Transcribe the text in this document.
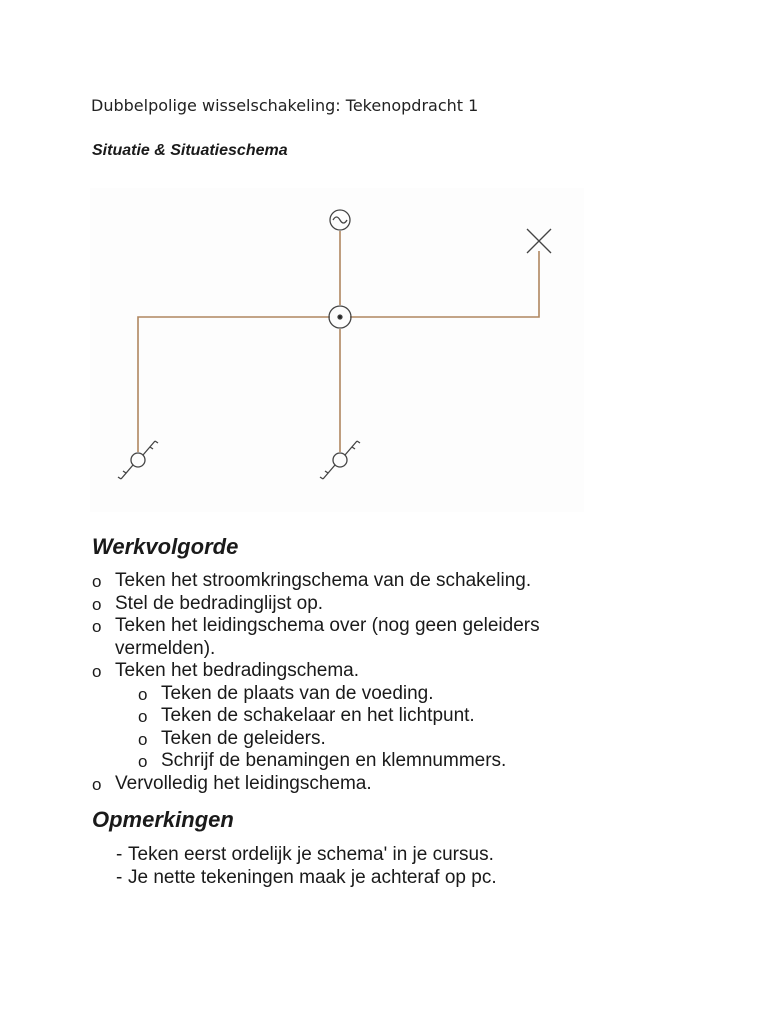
Dubbelpolige wisselschakeling: Tekenopdracht 1
Situatie & Situatieschema
Werkvolgorde
o Teken het stroomkringschema van de schakeling.
o Stel de bedradinglijst op.
o Teken het leidingschema over (nog geen geleiders vermelden).
o Teken het bedradingschema.
o Teken de plaats van de voeding.
o Teken de schakelaar en het lichtpunt.
o Teken de geleiders.
o Schrijf de benamingen en klemnummers.
o Vervolledig het leidingschema.
Opmerkingen
- Teken eerst ordelijk je schema' in je cursus.
- Je nette tekeningen maak je achteraf op pc.
